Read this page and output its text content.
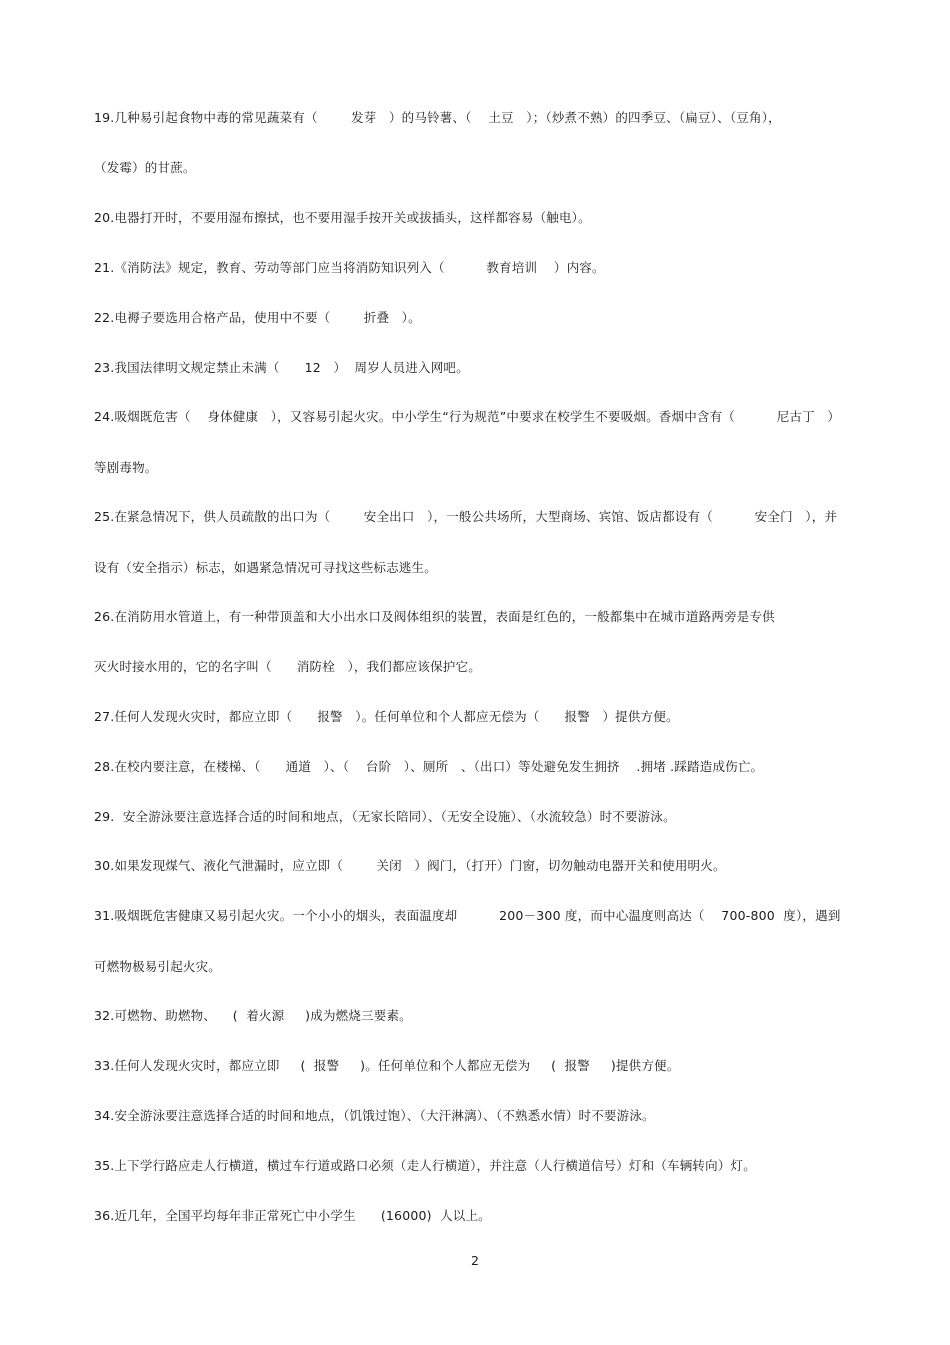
19.几种易引起食物中毒的常见蔬菜有（        发芽   ）的马铃薯、（    土豆   ）；（炒煮不熟）的四季豆、（扁豆）、（豆角），
（发霉）的甘蔗。
20.电器打开时，不要用湿布擦拭，也不要用湿手按开关或拔插头，这样都容易（触电）。
21.《消防法》规定，教育、劳动等部门应当将消防知识列入（          教育培训    ）内容。
22.电褥子要选用合格产品，使用中不要（        折叠   ）。
23.我国法律明文规定禁止未满（      12   ）  周岁人员进入网吧。
24.吸烟既危害（    身体健康   ），又容易引起火灾。中小学生“行为规范”中要求在校学生不要吸烟。香烟中含有（          尼古丁   ）
等剧毒物。
25.在紧急情况下，供人员疏散的出口为（        安全出口   ），一般公共场所，大型商场、宾馆、饭店都设有（          安全门   ），并
设有（安全指示）标志，如遇紧急情况可寻找这些标志逃生。
26.在消防用水管道上，有一种带顶盖和大小出水口及阀体组织的装置，表面是红色的，一般都集中在城市道路两旁是专供
灭火时接水用的，它的名字叫（      消防栓   ），我们都应该保护它。
27.任何人发现火灾时，都应立即（      报警   ）。任何单位和个人都应无偿为（      报警   ）提供方便。
28.在校内要注意，在楼梯、（      通道   ）、（    台阶   ）、厕所   、（出口）等处避免发生拥挤    .拥堵 .踩踏造成伤亡。
29.  安全游泳要注意选择合适的时间和地点，（无家长陪同）、（无安全设施）、（水流较急）时不要游泳。
30.如果发现煤气、液化气泄漏时，应立即（        关闭   ）阀门，（打开）门窗，切勿触动电器开关和使用明火。
31.吸烟既危害健康又易引起火灾。一个小小的烟头，表面温度却          200－300 度，而中心温度则高达（    700-800  度），遇到
可燃物极易引起火灾。
32.可燃物、助燃物、    (  着火源     )成为燃烧三要素。
33.任何人发现火灾时，都应立即     (  报警     )。任何单位和个人都应无偿为     (  报警     )提供方便。
34.安全游泳要注意选择合适的时间和地点，（饥饿过饱）、（大汗淋漓）、（不熟悉水情）时不要游泳。
35.上下学行路应走人行横道，横过车行道或路口必须（走人行横道），并注意（人行横道信号）灯和（车辆转向）灯。
36.近几年，全国平均每年非正常死亡中小学生      (16000)  人以上。
2
